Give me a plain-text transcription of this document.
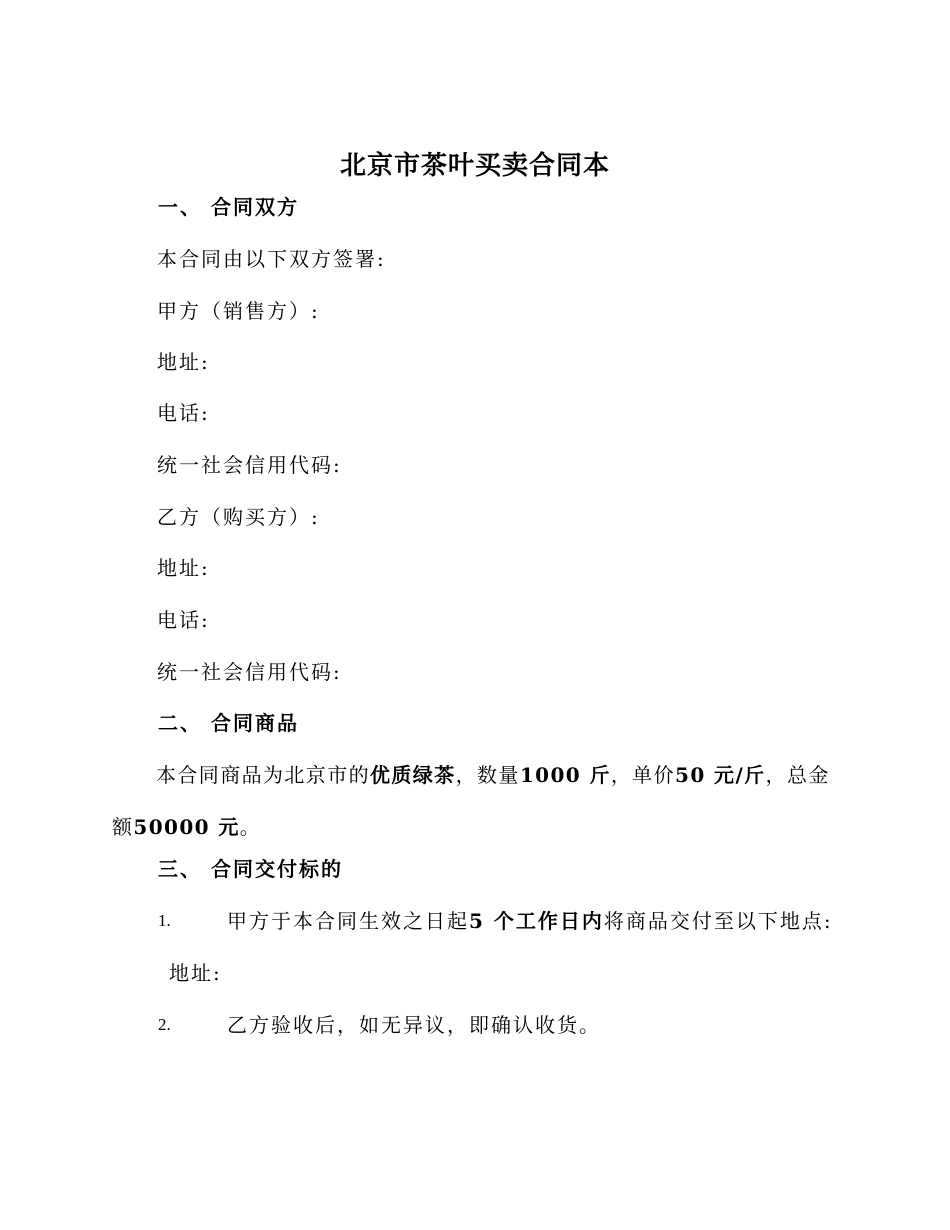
北京市茶叶买卖合同本
一、 合同双方
本合同由以下双方签署:
甲方（销售方）:
地址:
电话:
统一社会信用代码:
乙方（购买方）:
地址:
电话:
统一社会信用代码:
二、 合同商品
本合同商品为北京市的优质绿茶，数量1000 斤，单价50 元/斤，总金额50000 元。
三、 合同交付标的
1.	甲方于本合同生效之日起5 个工作日内将商品交付至以下地点:
地址:
2.	乙方验收后，如无异议，即确认收货。
